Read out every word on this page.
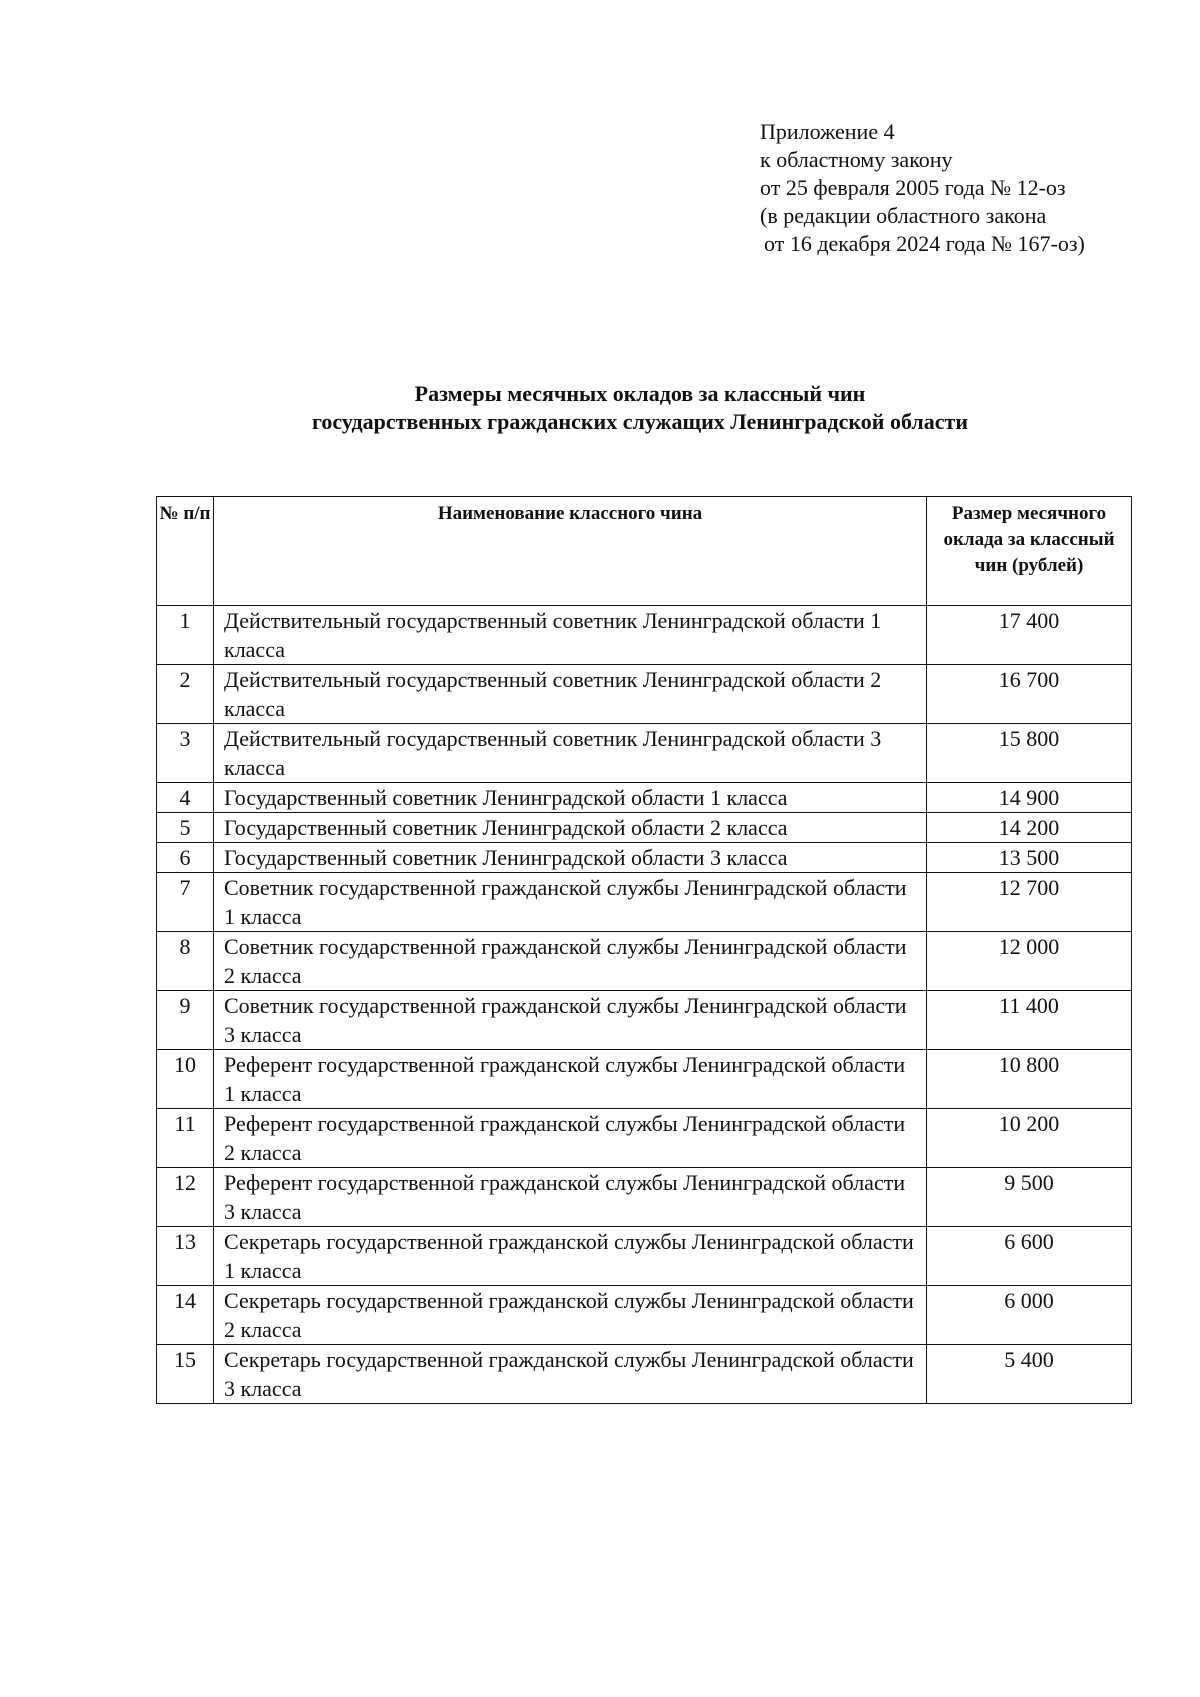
Приложение 4
к областному закону
от 25 февраля 2005 года № 12-оз
(в редакции областного закона
от 16 декабря 2024 года № 167-оз)
Размеры месячных окладов за классный чин
государственных гражданских служащих Ленинградской области
№ п/п	Наименование классного чина	Размер месячного оклада за классный чин (рублей)
1	Действительный государственный советник Ленинградской области 1 класса	17 400
2	Действительный государственный советник Ленинградской области 2 класса	16 700
3	Действительный государственный советник Ленинградской области 3 класса	15 800
4	Государственный советник Ленинградской области 1 класса	14 900
5	Государственный советник Ленинградской области 2 класса	14 200
6	Государственный советник Ленинградской области 3 класса	13 500
7	Советник государственной гражданской службы Ленинградской области 1 класса	12 700
8	Советник государственной гражданской службы Ленинградской области 2 класса	12 000
9	Советник государственной гражданской службы Ленинградской области 3 класса	11 400
10	Референт государственной гражданской службы Ленинградской области 1 класса	10 800
11	Референт государственной гражданской службы Ленинградской области 2 класса	10 200
12	Референт государственной гражданской службы Ленинградской области 3 класса	9 500
13	Секретарь государственной гражданской службы Ленинградской области 1 класса	6 600
14	Секретарь государственной гражданской службы Ленинградской области 2 класса	6 000
15	Секретарь государственной гражданской службы Ленинградской области 3 класса	5 400
